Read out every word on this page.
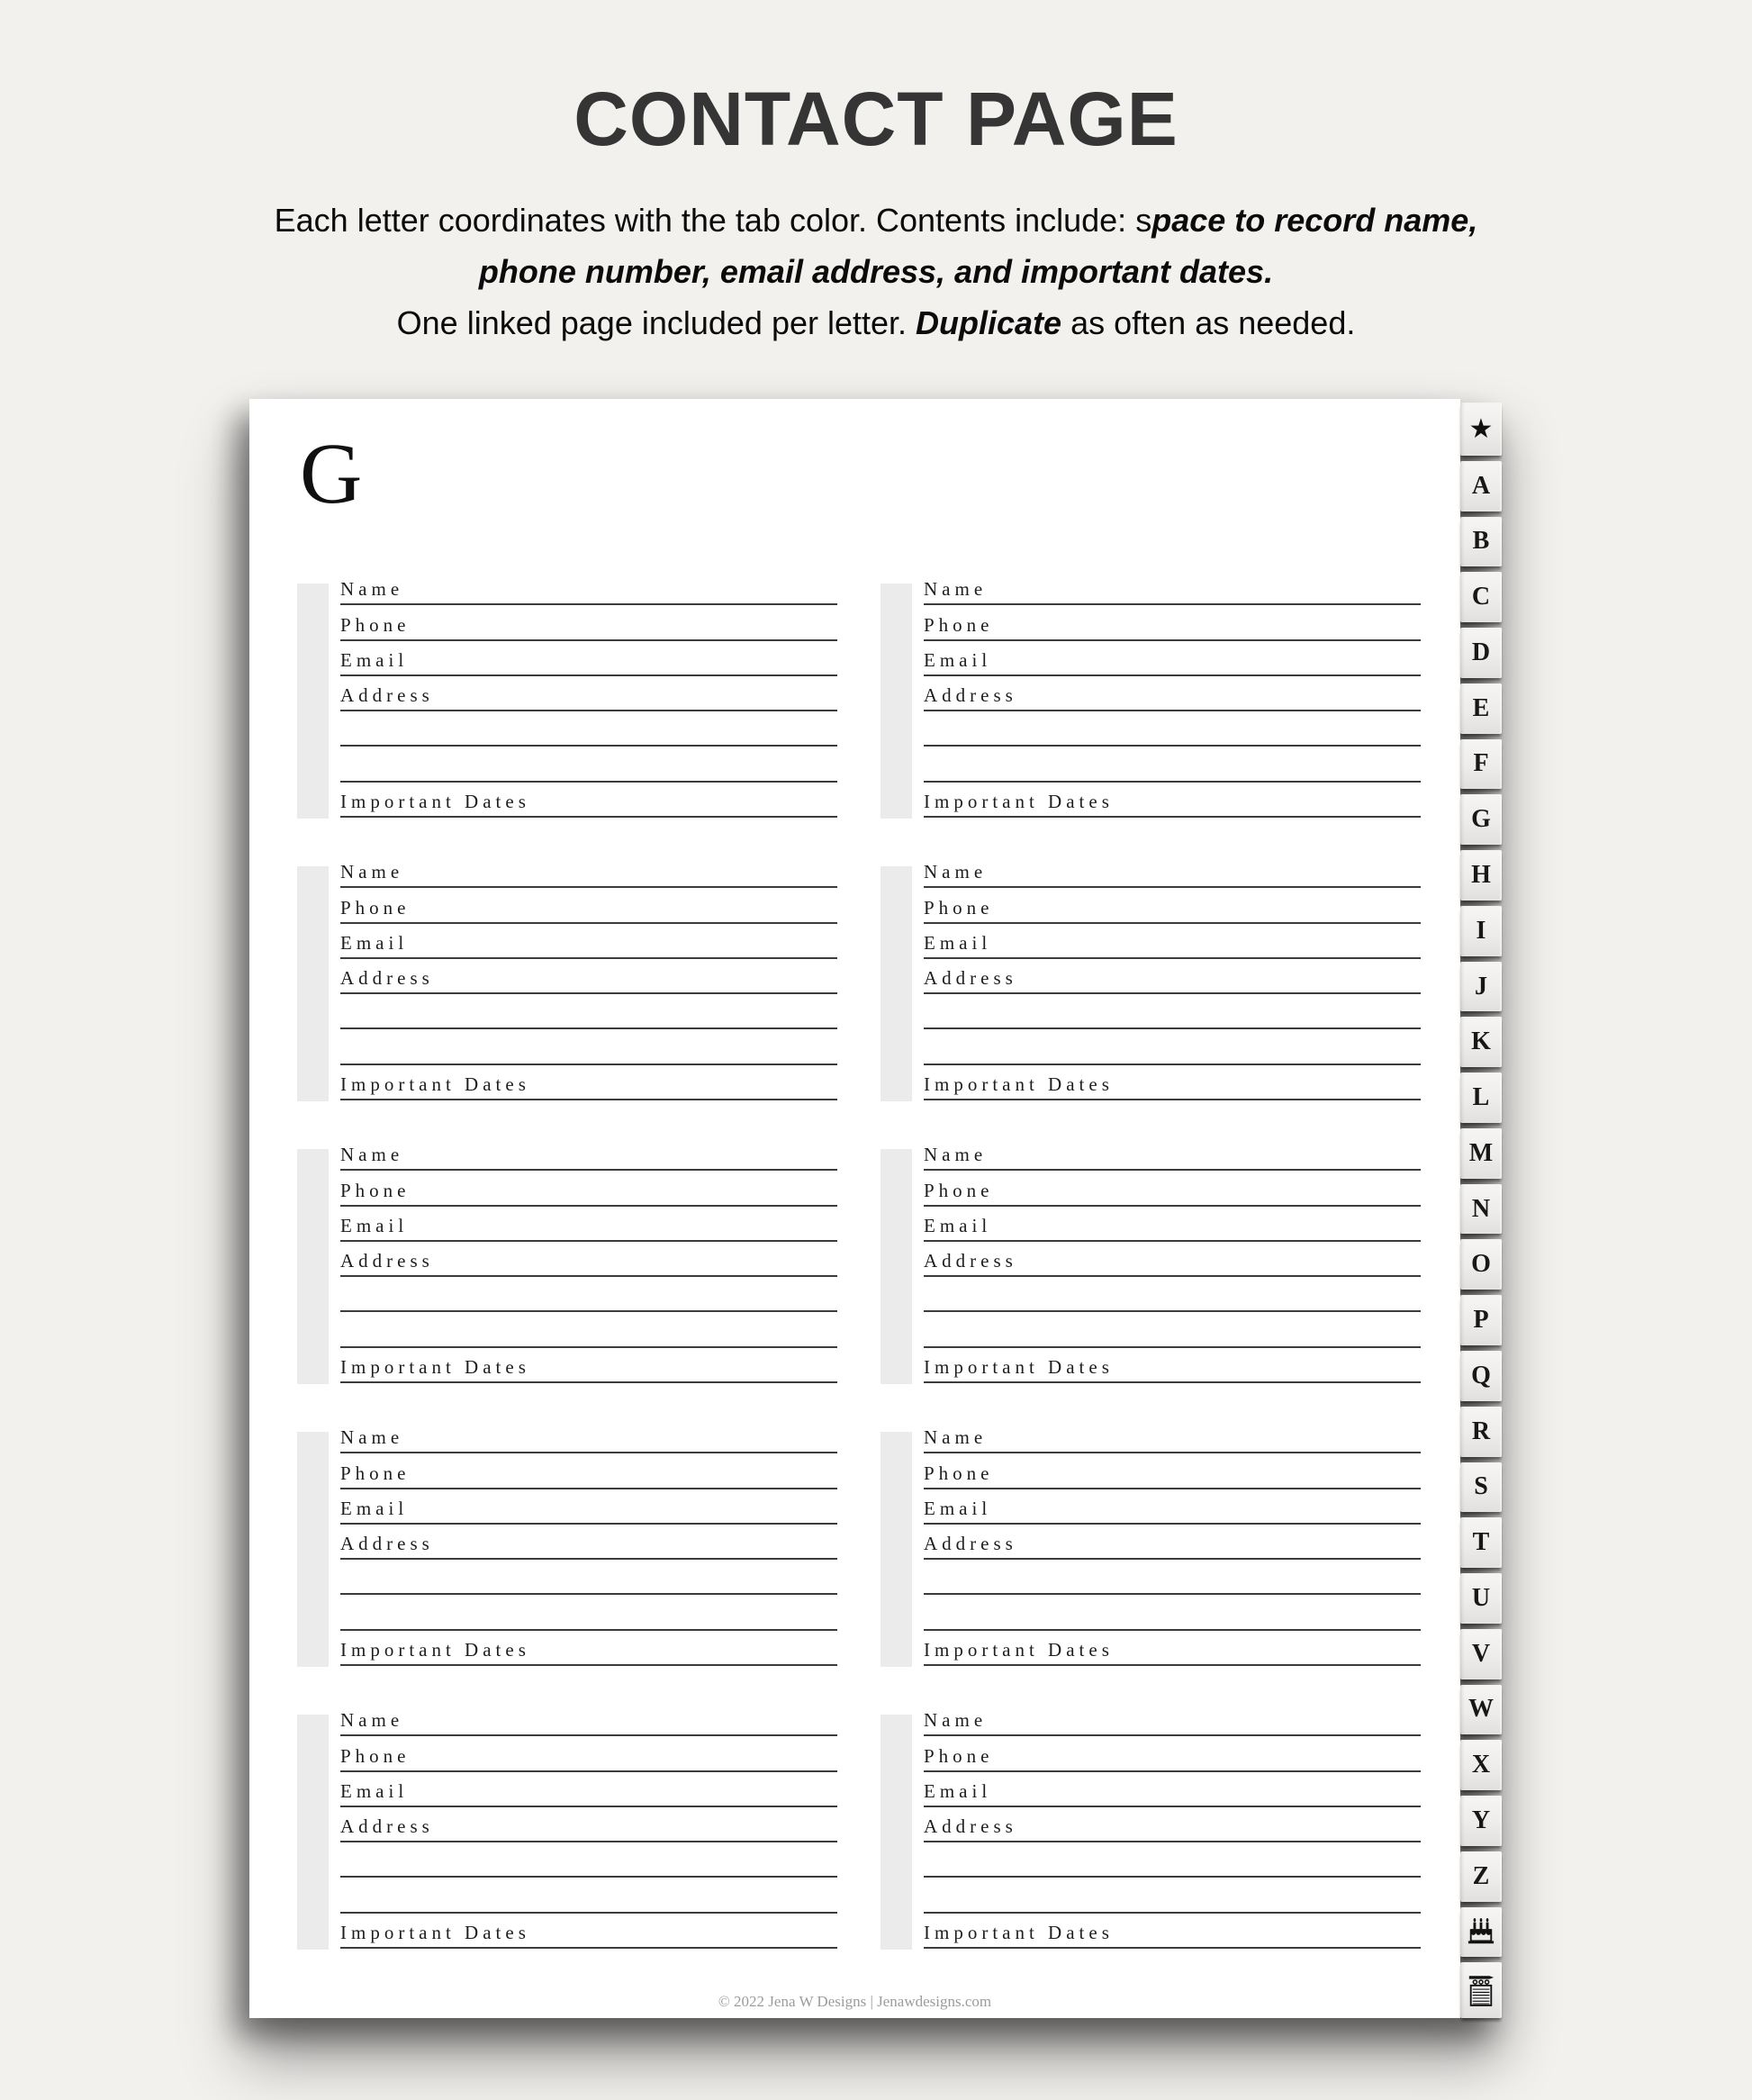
CONTACT PAGE
Each letter coordinates with the tab color. Contents include: space to record name,
phone number, email address, and important dates.
One linked page included per letter. Duplicate as often as needed.
G
Name
Phone
Email
Address
Important Dates
Name
Phone
Email
Address
Important Dates
Name
Phone
Email
Address
Important Dates
Name
Phone
Email
Address
Important Dates
Name
Phone
Email
Address
Important Dates
Name
Phone
Email
Address
Important Dates
Name
Phone
Email
Address
Important Dates
Name
Phone
Email
Address
Important Dates
Name
Phone
Email
Address
Important Dates
Name
Phone
Email
Address
Important Dates
© 2022 Jena W Designs | Jenawdesigns.com
★
A
B
C
D
E
F
G
H
I
J
K
L
M
N
O
P
Q
R
S
T
U
V
W
X
Y
Z
